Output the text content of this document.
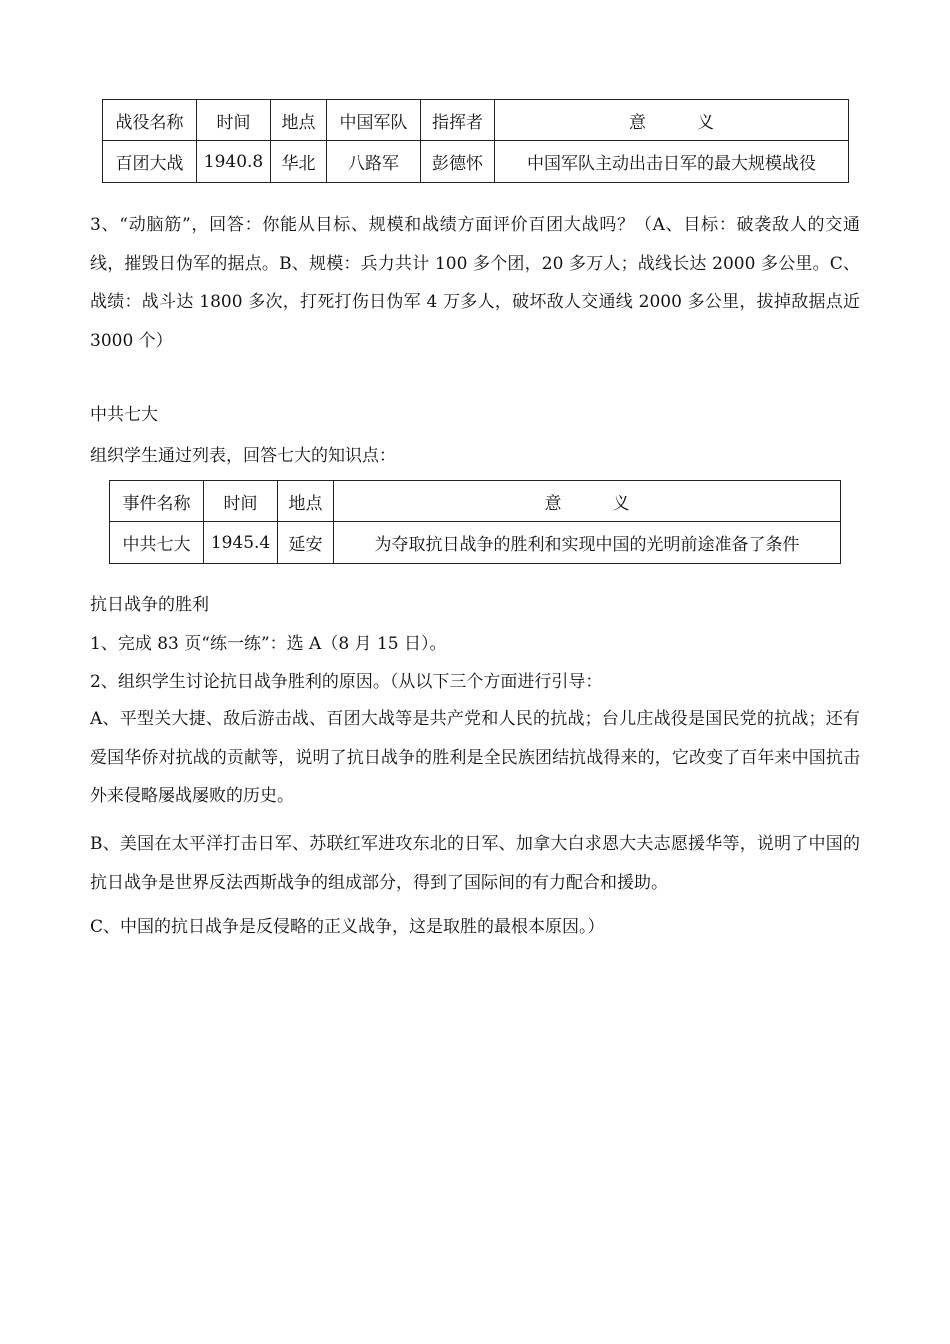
战役名称	时间	地点	中国军队	指挥者	意　　　义
百团大战	1940.8	华北	八路军	彭德怀	中国军队主动出击日军的最大规模战役

3、“动脑筋”，回答：你能从目标、规模和战绩方面评价百团大战吗？（A、目标：破袭敌人的交通线，摧毁日伪军的据点。B、规模：兵力共计 100 多个团，20 多万人；战线长达 2000 多公里。C、战绩：战斗达 1800 多次，打死打伤日伪军 4 万多人，破坏敌人交通线 2000 多公里，拔掉敌据点近 3000 个）

中共七大
组织学生通过列表，回答七大的知识点：
事件名称	时间	地点	意　　　义
中共七大	1945.4	延安	为夺取抗日战争的胜利和实现中国的光明前途准备了条件
抗日战争的胜利
1、完成 83 页“练一练”：选 A（8 月 15 日）。
2、组织学生讨论抗日战争胜利的原因。（从以下三个方面进行引导：

A、平型关大捷、敌后游击战、百团大战等是共产党和人民的抗战；台儿庄战役是国民党的抗战；还有爱国华侨对抗战的贡献等，说明了抗日战争的胜利是全民族团结抗战得来的，它改变了百年来中国抗击外来侵略屡战屡败的历史。

B、美国在太平洋打击日军、苏联红军进攻东北的日军、加拿大白求恩大夫志愿援华等，说明了中国的抗日战争是世界反法西斯战争的组成部分，得到了国际间的有力配合和援助。

C、中国的抗日战争是反侵略的正义战争，这是取胜的最根本原因。）
